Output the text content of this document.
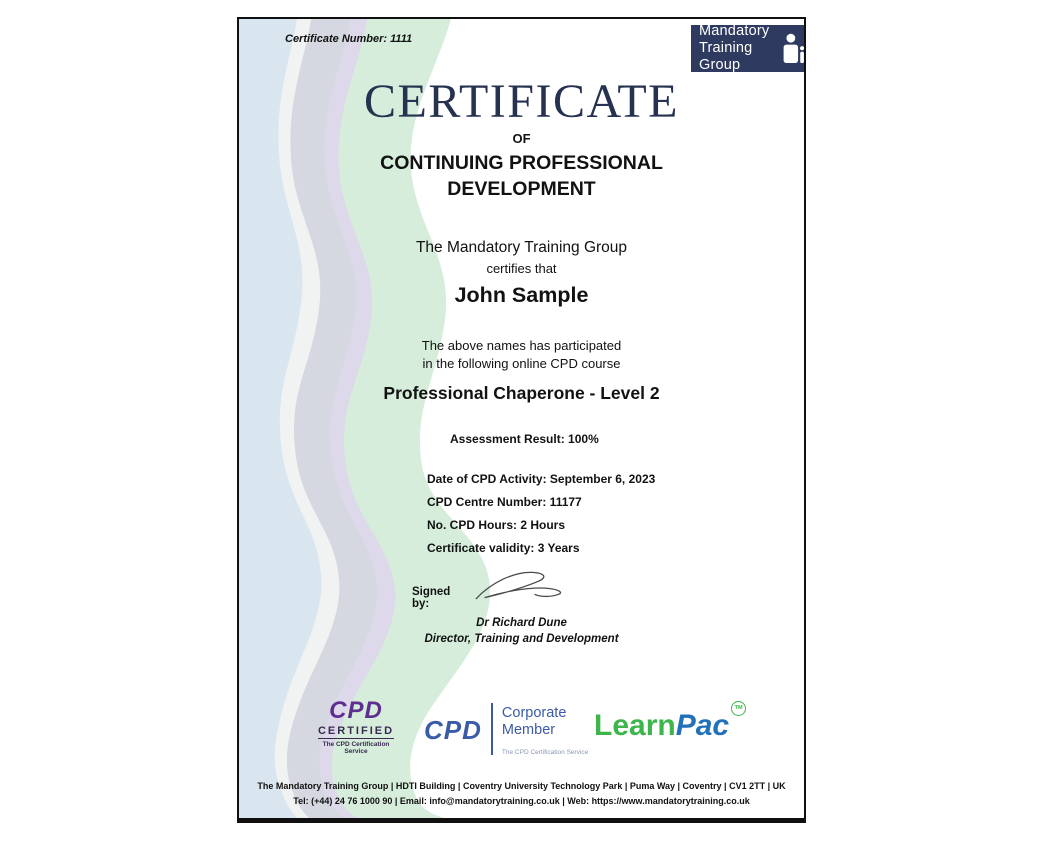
Certificate Number: 1111
Mandatory
Training Group
CERTIFICATE
OF
CONTINUING PROFESSIONAL
DEVELOPMENT
The Mandatory Training Group
certifies that
John Sample
The above names has participated
in the following online CPD course
Professional Chaperone - Level 2
Assessment Result: 100%
Date of CPD Activity: September 6, 2023
CPD Centre Number: 11177
No. CPD Hours: 2 Hours
Certificate validity: 3 Years
Signed by:
Dr Richard Dune
Director, Training and Development
CPD
CERTIFIED
The CPD Certification
Service
CPD
Corporate
Member
The CPD Certification Service
LearnPacTM
The Mandatory Training Group | HDTI Building | Coventry University Technology Park | Puma Way | Coventry | CV1 2TT | UK
Tel: (+44) 24 76 1000 90 | Email: info@mandatorytraining.co.uk | Web: https://www.mandatorytraining.co.uk
